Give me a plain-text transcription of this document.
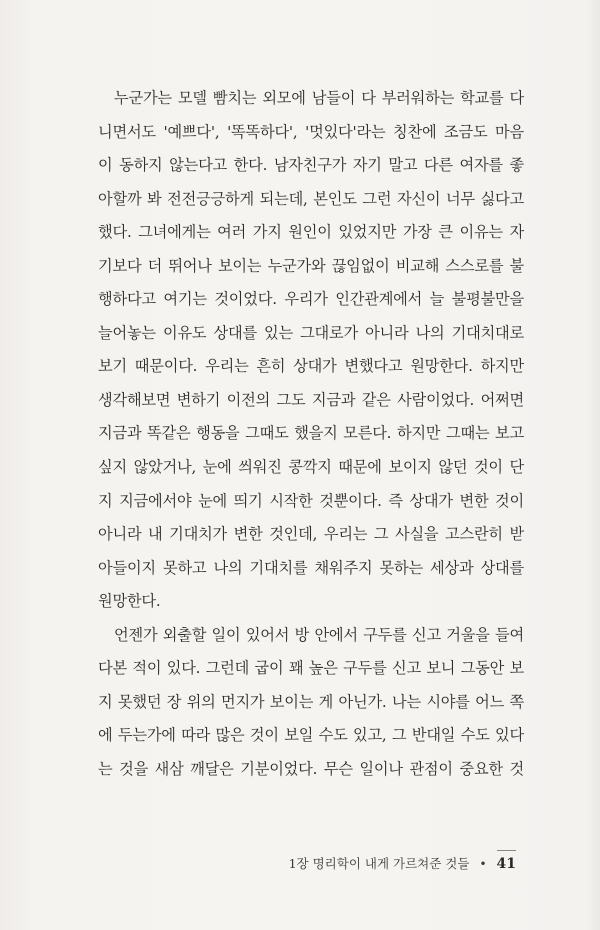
누군가는 모델 빰치는 외모에 남들이 다 부러워하는 학교를 다
니면서도 '예쁘다', '똑똑하다', '멋있다'라는 칭찬에 조금도 마음
이 동하지 않는다고 한다. 남자친구가 자기 말고 다른 여자를 좋
아할까 봐 전전긍긍하게 되는데, 본인도 그런 자신이 너무 싫다고
했다. 그녀에게는 여러 가지 원인이 있었지만 가장 큰 이유는 자
기보다 더 뛰어나 보이는 누군가와 끊임없이 비교해 스스로를 불
행하다고 여기는 것이었다. 우리가 인간관계에서 늘 불평불만을
늘어놓는 이유도 상대를 있는 그대로가 아니라 나의 기대치대로
보기 때문이다. 우리는 흔히 상대가 변했다고 원망한다. 하지만
생각해보면 변하기 이전의 그도 지금과 같은 사람이었다. 어쩌면
지금과 똑같은 행동을 그때도 했을지 모른다. 하지만 그때는 보고
싶지 않았거나, 눈에 씌워진 콩깍지 때문에 보이지 않던 것이 단
지 지금에서야 눈에 띄기 시작한 것뿐이다. 즉 상대가 변한 것이
아니라 내 기대치가 변한 것인데, 우리는 그 사실을 고스란히 받
아들이지 못하고 나의 기대치를 채워주지 못하는 세상과 상대를
원망한다.
언젠가 외출할 일이 있어서 방 안에서 구두를 신고 거울을 들여
다본 적이 있다. 그런데 굽이 꽤 높은 구두를 신고 보니 그동안 보
지 못했던 장 위의 먼지가 보이는 게 아닌가. 나는 시야를 어느 쪽
에 두는가에 따라 많은 것이 보일 수도 있고, 그 반대일 수도 있다
는 것을 새삼 깨달은 기분이었다. 무슨 일이나 관점이 중요한 것
1장 명리학이 내게 가르쳐준 것들 • 41
